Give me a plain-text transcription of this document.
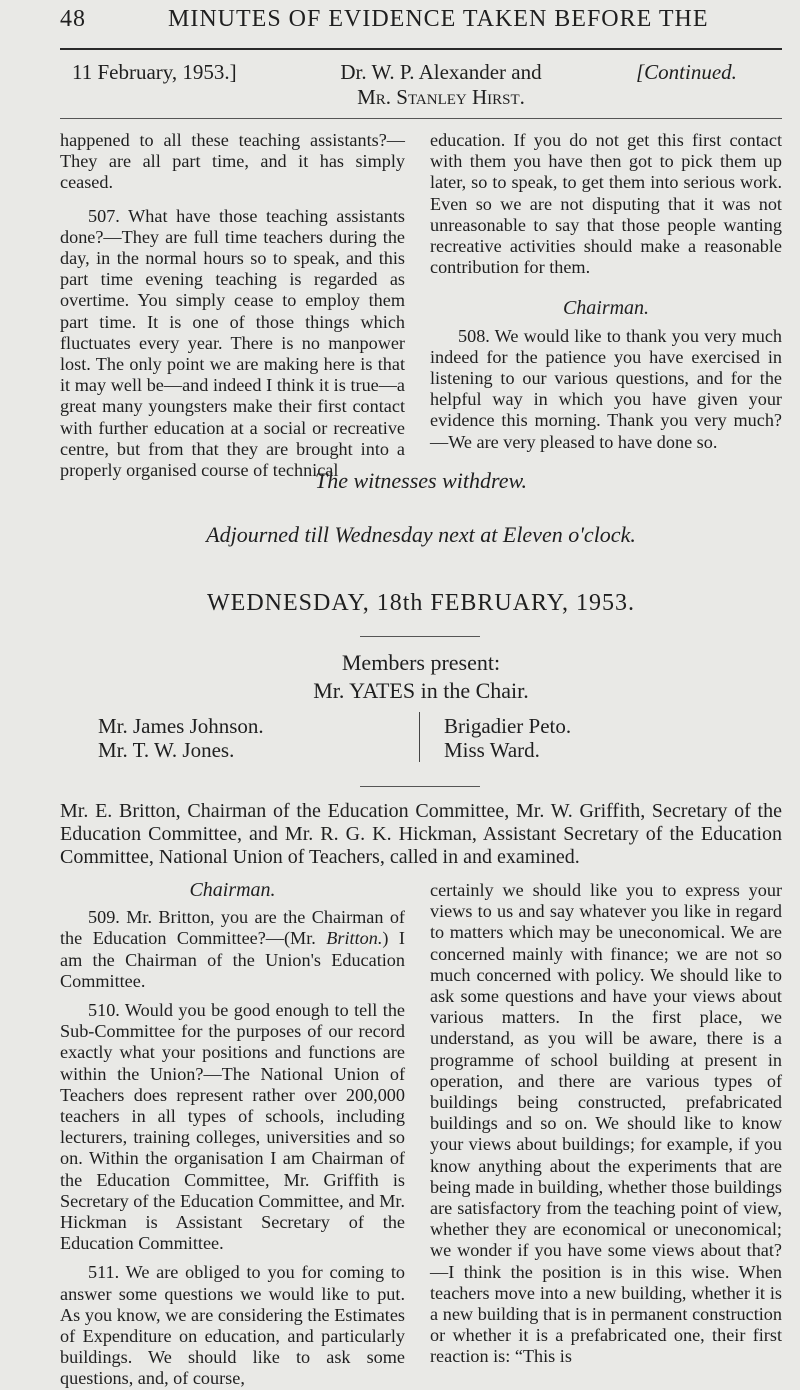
48	MINUTES OF EVIDENCE TAKEN BEFORE THE
11 February, 1953.]	Dr. W. P. Alexander and
Mr. Stanley Hirst.
[Continued.

happened to all these teaching assistants?—They are all part time, and it has simply ceased.

507. What have those teaching assistants done?—They are full time teachers during the day, in the normal hours so to speak, and this part time evening teaching is regarded as overtime. You simply cease to employ them part time. It is one of those things which fluctuates every year. There is no manpower lost. The only point we are making here is that it may well be—and indeed I think it is true—a great many youngsters make their first contact with further education at a social or recreative centre, but from that they are brought into a properly organised course of technical

education. If you do not get this first contact with them you have then got to pick them up later, so to speak, to get them into serious work. Even so we are not disputing that it was not unreasonable to say that those people wanting recreative activities should make a reasonable contribution for them.

Chairman.

508. We would like to thank you very much indeed for the patience you have exercised in listening to our various questions, and for the helpful way in which you have given your evidence this morning. Thank you very much?—We are very pleased to have done so.

The witnesses withdrew.
Adjourned till Wednesday next at Eleven o'clock.
WEDNESDAY, 18th FEBRUARY, 1953.
Members present:
Mr. YATES in the Chair.
Mr. James Johnson.
Mr. T. W. Jones.
Brigadier Peto.
Miss Ward.
Mr. E. Britton, Chairman of the Education Committee, Mr. W. Griffith, Secretary of the Education Committee, and Mr. R. G. K. Hickman, Assistant Secretary of the Education Committee, National Union of Teachers, called in and examined.

Chairman.

509. Mr. Britton, you are the Chairman of the Education Committee?—(Mr. Britton.) I am the Chairman of the Union's Education Committee.

510. Would you be good enough to tell the Sub-Committee for the purposes of our record exactly what your positions and functions are within the Union?—The National Union of Teachers does represent rather over 200,000 teachers in all types of schools, including lecturers, training colleges, universities and so on. Within the organisation I am Chairman of the Education Committee, Mr. Griffith is Secretary of the Education Committee, and Mr. Hickman is Assistant Secretary of the Education Committee.

511. We are obliged to you for coming to answer some questions we would like to put. As you know, we are considering the Estimates of Expenditure on education, and particularly buildings. We should like to ask some questions, and, of course,

certainly we should like you to express your views to us and say whatever you like in regard to matters which may be uneconomical. We are concerned mainly with finance; we are not so much concerned with policy. We should like to ask some questions and have your views about various matters. In the first place, we understand, as you will be aware, there is a programme of school building at present in operation, and there are various types of buildings being constructed, prefabricated buildings and so on. We should like to know your views about buildings; for example, if you know anything about the experiments that are being made in building, whether those buildings are satisfactory from the teaching point of view, whether they are economical or uneconomical; we wonder if you have some views about that?—I think the position is in this wise. When teachers move into a new building, whether it is a new building that is in permanent construction or whether it is a prefabricated one, their first reaction is: “This is
